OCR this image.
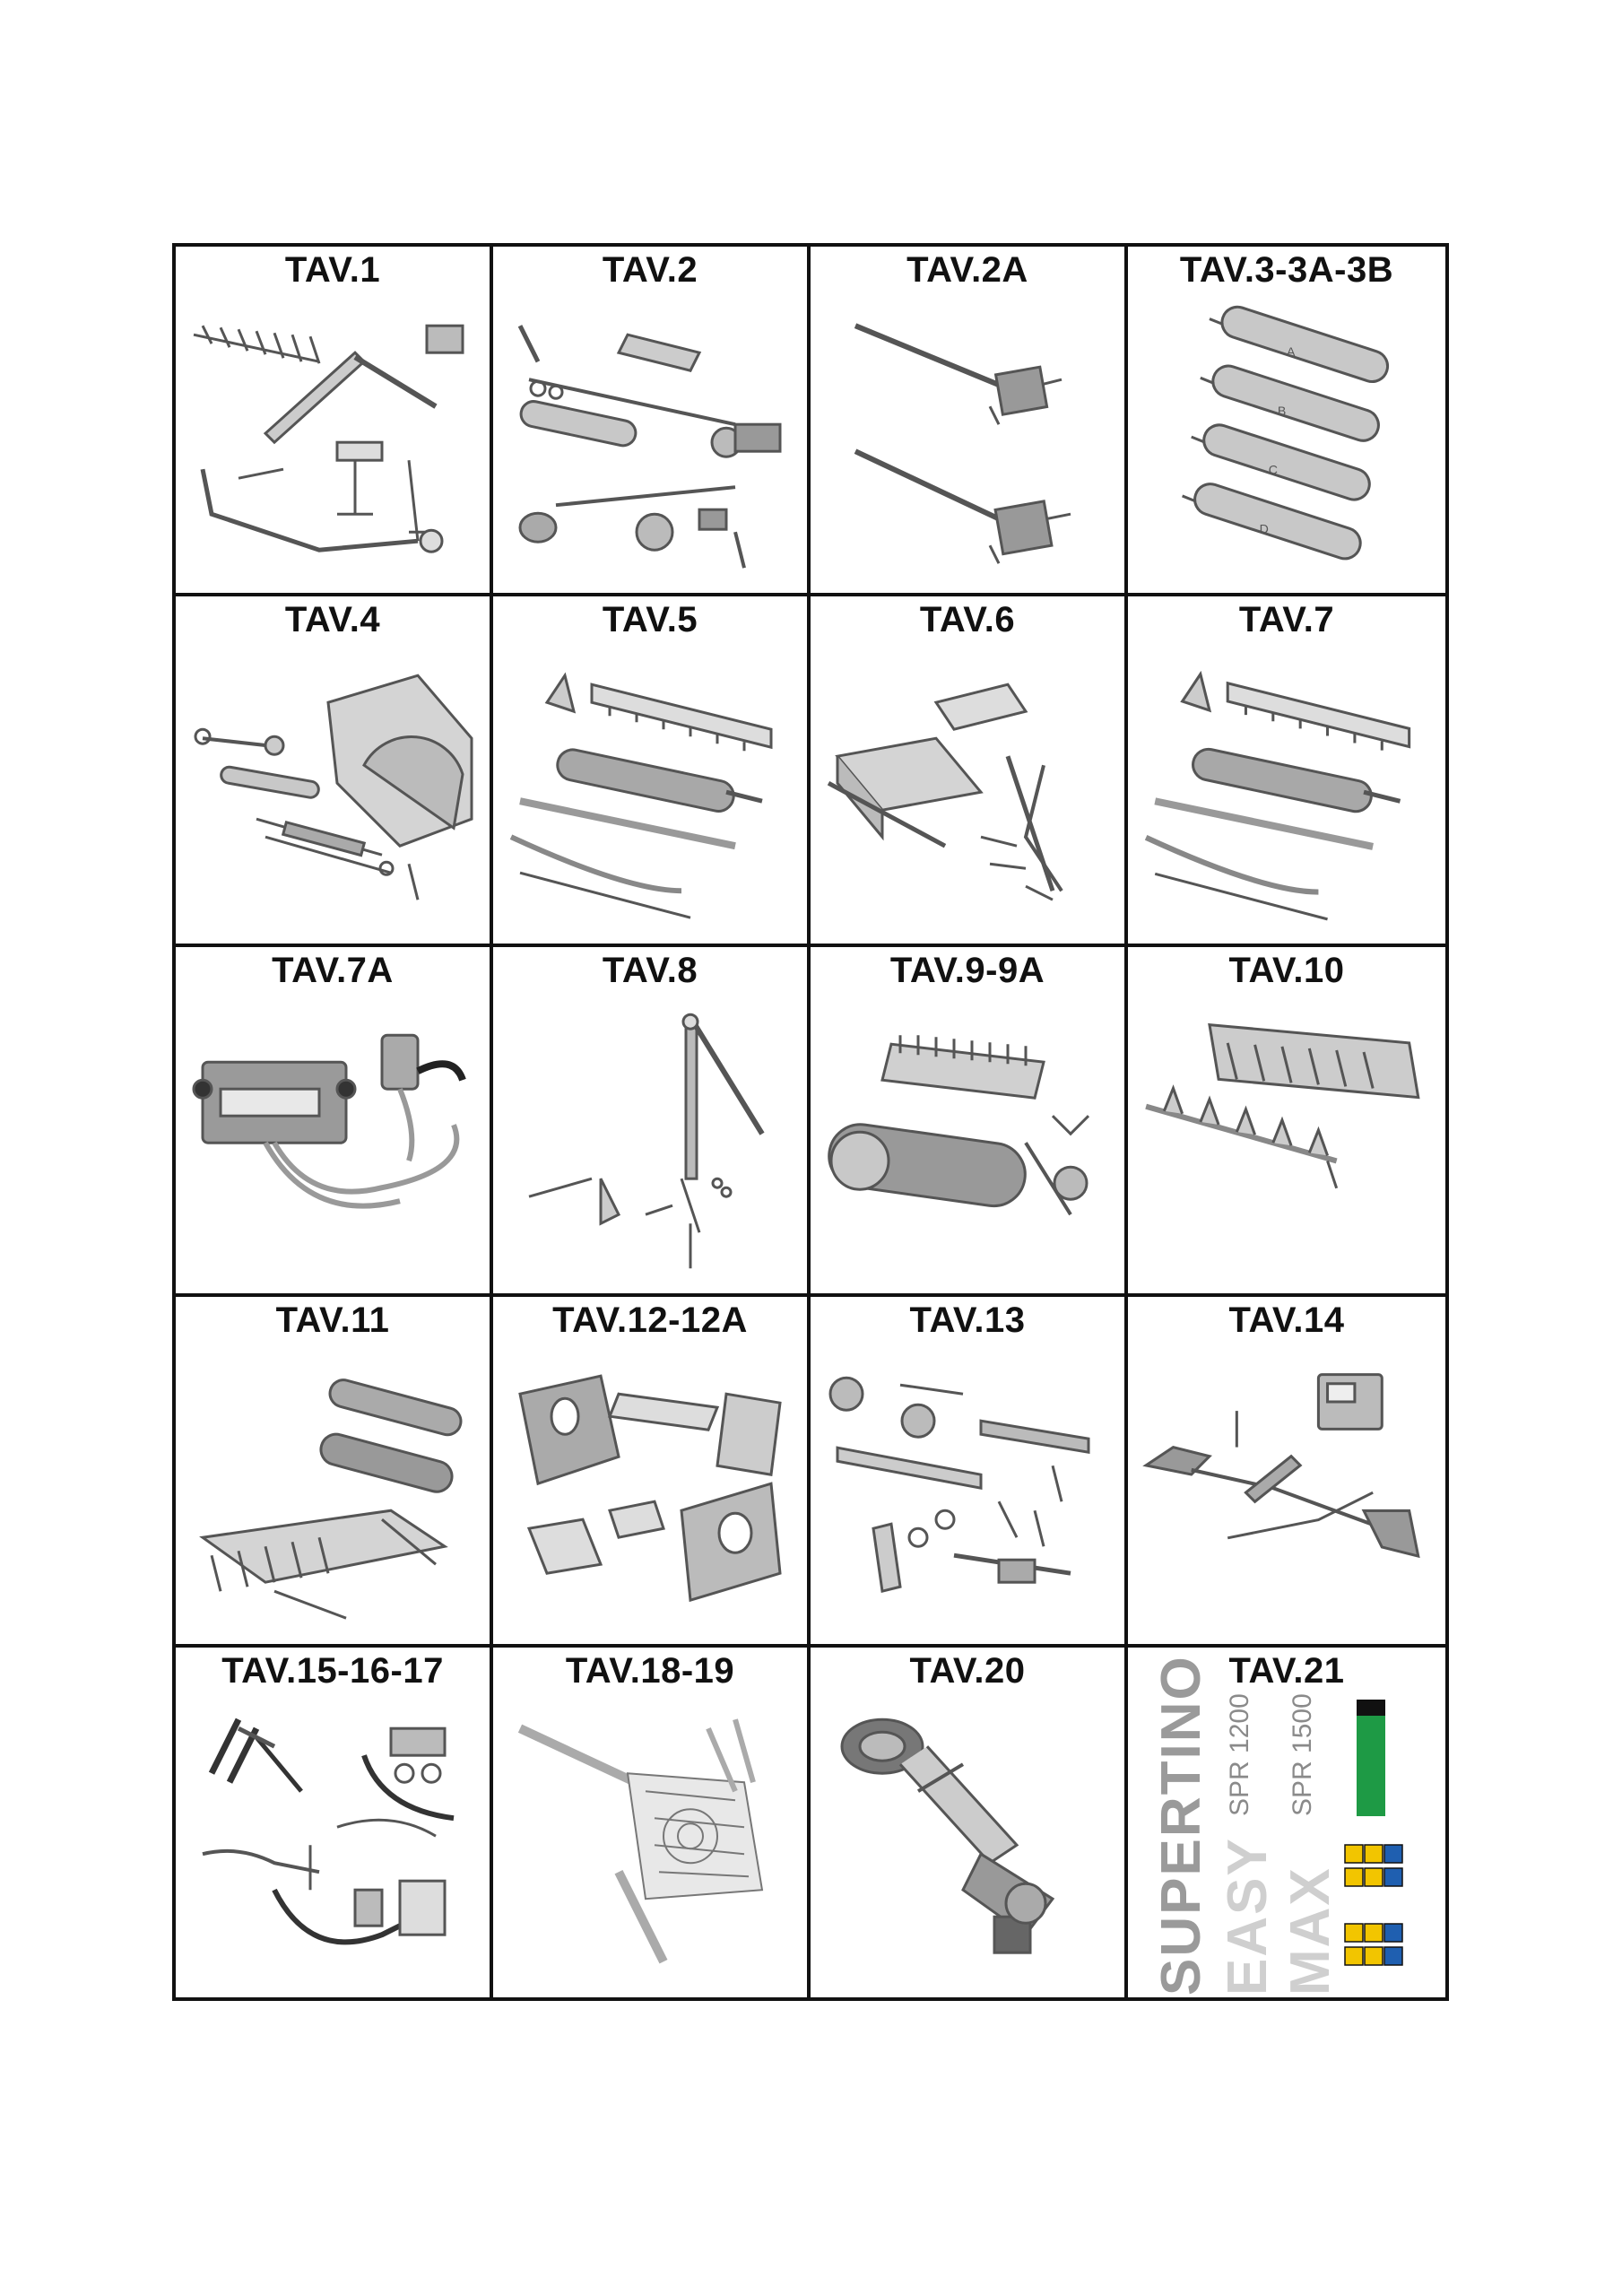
TAV.1	TAV.2	TAV.2A	TAV.3-3A-3B
A
B
C
D
TAV.4	TAV.5	TAV.6	TAV.7
TAV.7A	TAV.8	TAV.9-9A	TAV.10
TAV.11	TAV.12-12A	TAV.13	TAV.14
TAV.15-16-17	TAV.18-19	TAV.20	TAV.21
SUPERTINO EASY MAX
SPR 1200 SPR 1500
